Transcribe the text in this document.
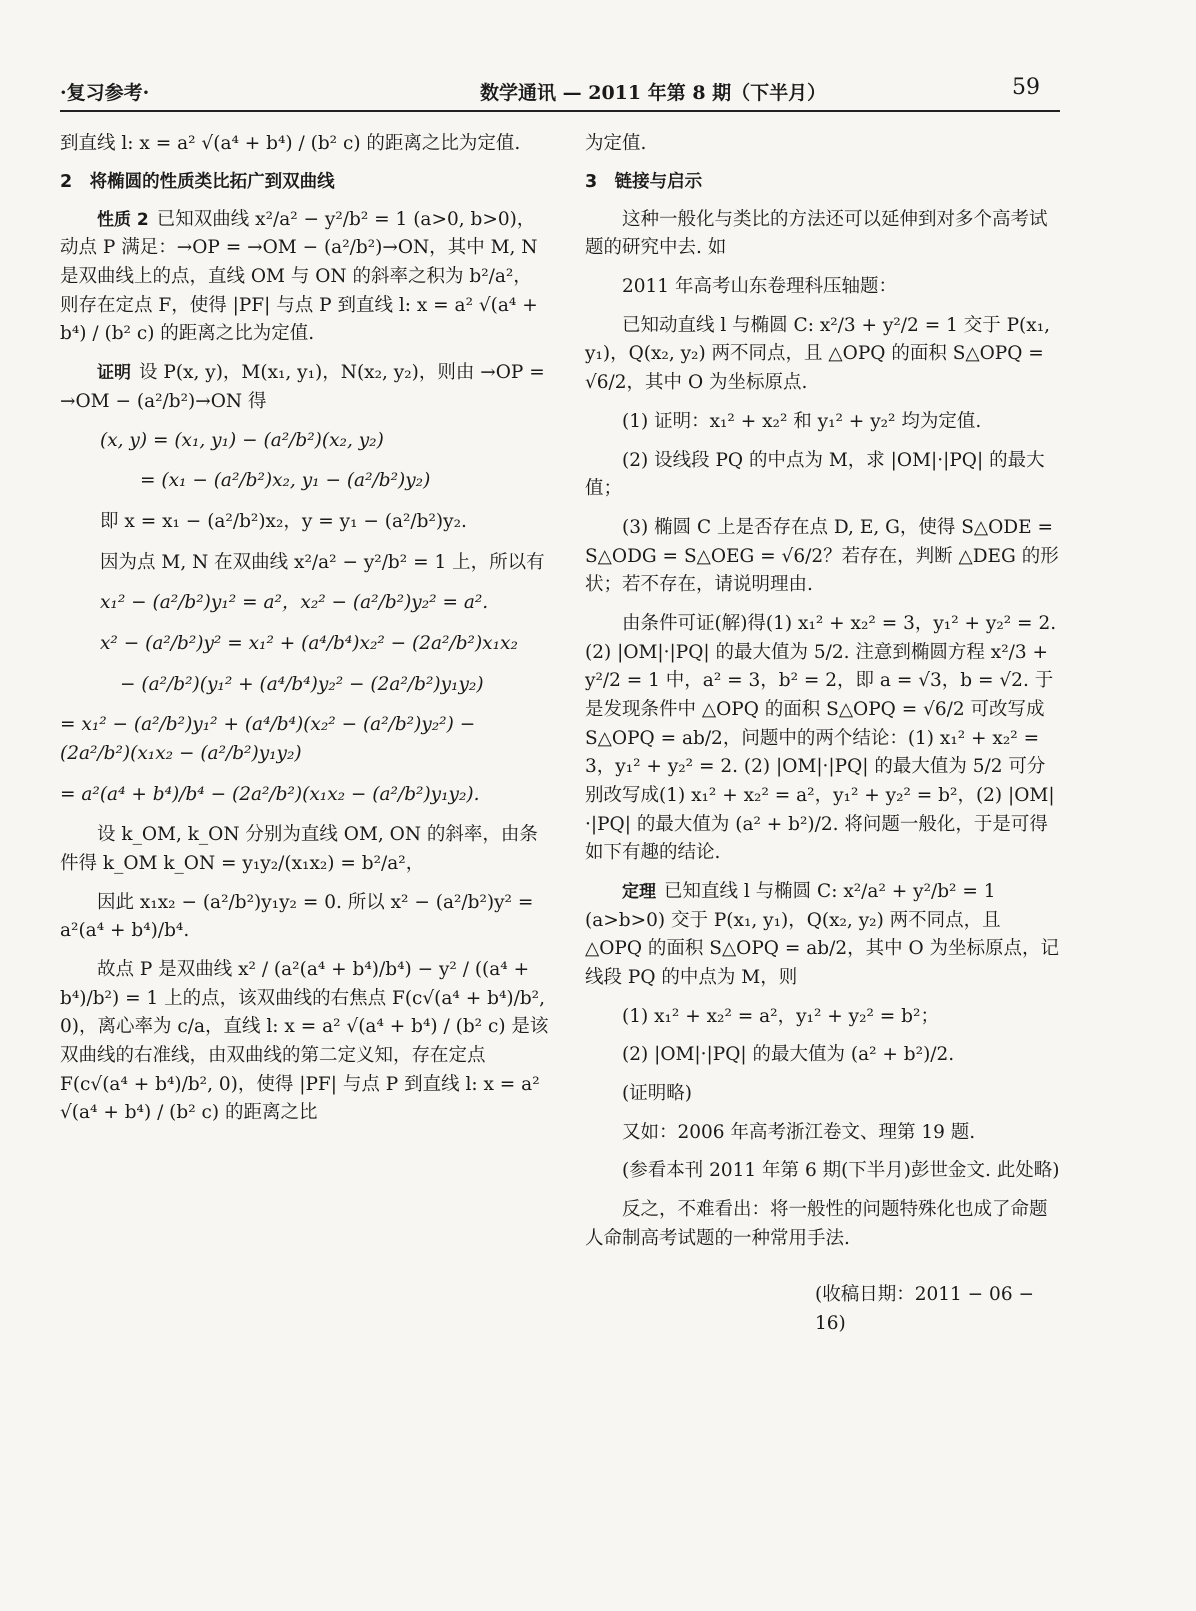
·复习参考·	数学通讯 — 2011 年第 8 期（下半月）	59

到直线 l: x = a² √(a⁴ + b⁴) / (b² c) 的距离之比为定值.

2　将椭圆的性质类比拓广到双曲线

性质 2 已知双曲线 x²/a² − y²/b² = 1 (a>0, b>0)，动点 P 满足：→OP = →OM − (a²/b²)→ON，其中 M, N 是双曲线上的点，直线 OM 与 ON 的斜率之积为 b²/a²，则存在定点 F，使得 |PF| 与点 P 到直线 l: x = a² √(a⁴ + b⁴) / (b² c) 的距离之比为定值.

证明 设 P(x, y)，M(x₁, y₁)，N(x₂, y₂)，则由 →OP = →OM − (a²/b²)→ON 得

(x, y) = (x₁, y₁) − (a²/b²)(x₂, y₂)
= (x₁ − (a²/b²)x₂, y₁ − (a²/b²)y₂)
即 x = x₁ − (a²/b²)x₂，y = y₁ − (a²/b²)y₂.
因为点 M, N 在双曲线 x²/a² − y²/b² = 1 上，所以有
x₁² − (a²/b²)y₁² = a²，x₂² − (a²/b²)y₂² = a².
x² − (a²/b²)y² = x₁² + (a⁴/b⁴)x₂² − (2a²/b²)x₁x₂
− (a²/b²)(y₁² + (a⁴/b⁴)y₂² − (2a²/b²)y₁y₂)
= x₁² − (a²/b²)y₁² + (a⁴/b⁴)(x₂² − (a²/b²)y₂²) − (2a²/b²)(x₁x₂ − (a²/b²)y₁y₂)
= a²(a⁴ + b⁴)/b⁴ − (2a²/b²)(x₁x₂ − (a²/b²)y₁y₂).

设 k_OM, k_ON 分别为直线 OM, ON 的斜率，由条件得 k_OM k_ON = y₁y₂/(x₁x₂) = b²/a²，

因此 x₁x₂ − (a²/b²)y₁y₂ = 0. 所以 x² − (a²/b²)y² = a²(a⁴ + b⁴)/b⁴.

故点 P 是双曲线 x² / (a²(a⁴ + b⁴)/b⁴) − y² / ((a⁴ + b⁴)/b²) = 1 上的点，该双曲线的右焦点 F(c√(a⁴ + b⁴)/b², 0)，离心率为 c/a，直线 l: x = a² √(a⁴ + b⁴) / (b² c) 是该双曲线的右准线，由双曲线的第二定义知，存在定点 F(c√(a⁴ + b⁴)/b², 0)，使得 |PF| 与点 P 到直线 l: x = a² √(a⁴ + b⁴) / (b² c) 的距离之比

为定值.

3　链接与启示

这种一般化与类比的方法还可以延伸到对多个高考试题的研究中去. 如

2011 年高考山东卷理科压轴题：

已知动直线 l 与椭圆 C: x²/3 + y²/2 = 1 交于 P(x₁, y₁)，Q(x₂, y₂) 两不同点，且 △OPQ 的面积 S△OPQ = √6/2，其中 O 为坐标原点.

(1) 证明：x₁² + x₂² 和 y₁² + y₂² 均为定值.

(2) 设线段 PQ 的中点为 M，求 |OM|·|PQ| 的最大值；

(3) 椭圆 C 上是否存在点 D, E, G，使得 S△ODE = S△ODG = S△OEG = √6/2？若存在，判断 △DEG 的形状；若不存在，请说明理由.

由条件可证(解)得(1) x₁² + x₂² = 3，y₁² + y₂² = 2. (2) |OM|·|PQ| 的最大值为 5/2. 注意到椭圆方程 x²/3 + y²/2 = 1 中，a² = 3，b² = 2，即 a = √3，b = √2. 于是发现条件中 △OPQ 的面积 S△OPQ = √6/2 可改写成 S△OPQ = ab/2，问题中的两个结论：(1) x₁² + x₂² = 3，y₁² + y₂² = 2. (2) |OM|·|PQ| 的最大值为 5/2 可分别改写成(1) x₁² + x₂² = a²，y₁² + y₂² = b²，(2) |OM|·|PQ| 的最大值为 (a² + b²)/2. 将问题一般化，于是可得如下有趣的结论.

定理 已知直线 l 与椭圆 C: x²/a² + y²/b² = 1 (a>b>0) 交于 P(x₁, y₁)，Q(x₂, y₂) 两不同点，且 △OPQ 的面积 S△OPQ = ab/2，其中 O 为坐标原点，记线段 PQ 的中点为 M，则

(1) x₁² + x₂² = a²，y₁² + y₂² = b²；

(2) |OM|·|PQ| 的最大值为 (a² + b²)/2.

(证明略)

又如：2006 年高考浙江卷文、理第 19 题.

(参看本刊 2011 年第 6 期(下半月)彭世金文. 此处略)

反之，不难看出：将一般性的问题特殊化也成了命题人命制高考试题的一种常用手法.

(收稿日期：2011 − 06 − 16)
